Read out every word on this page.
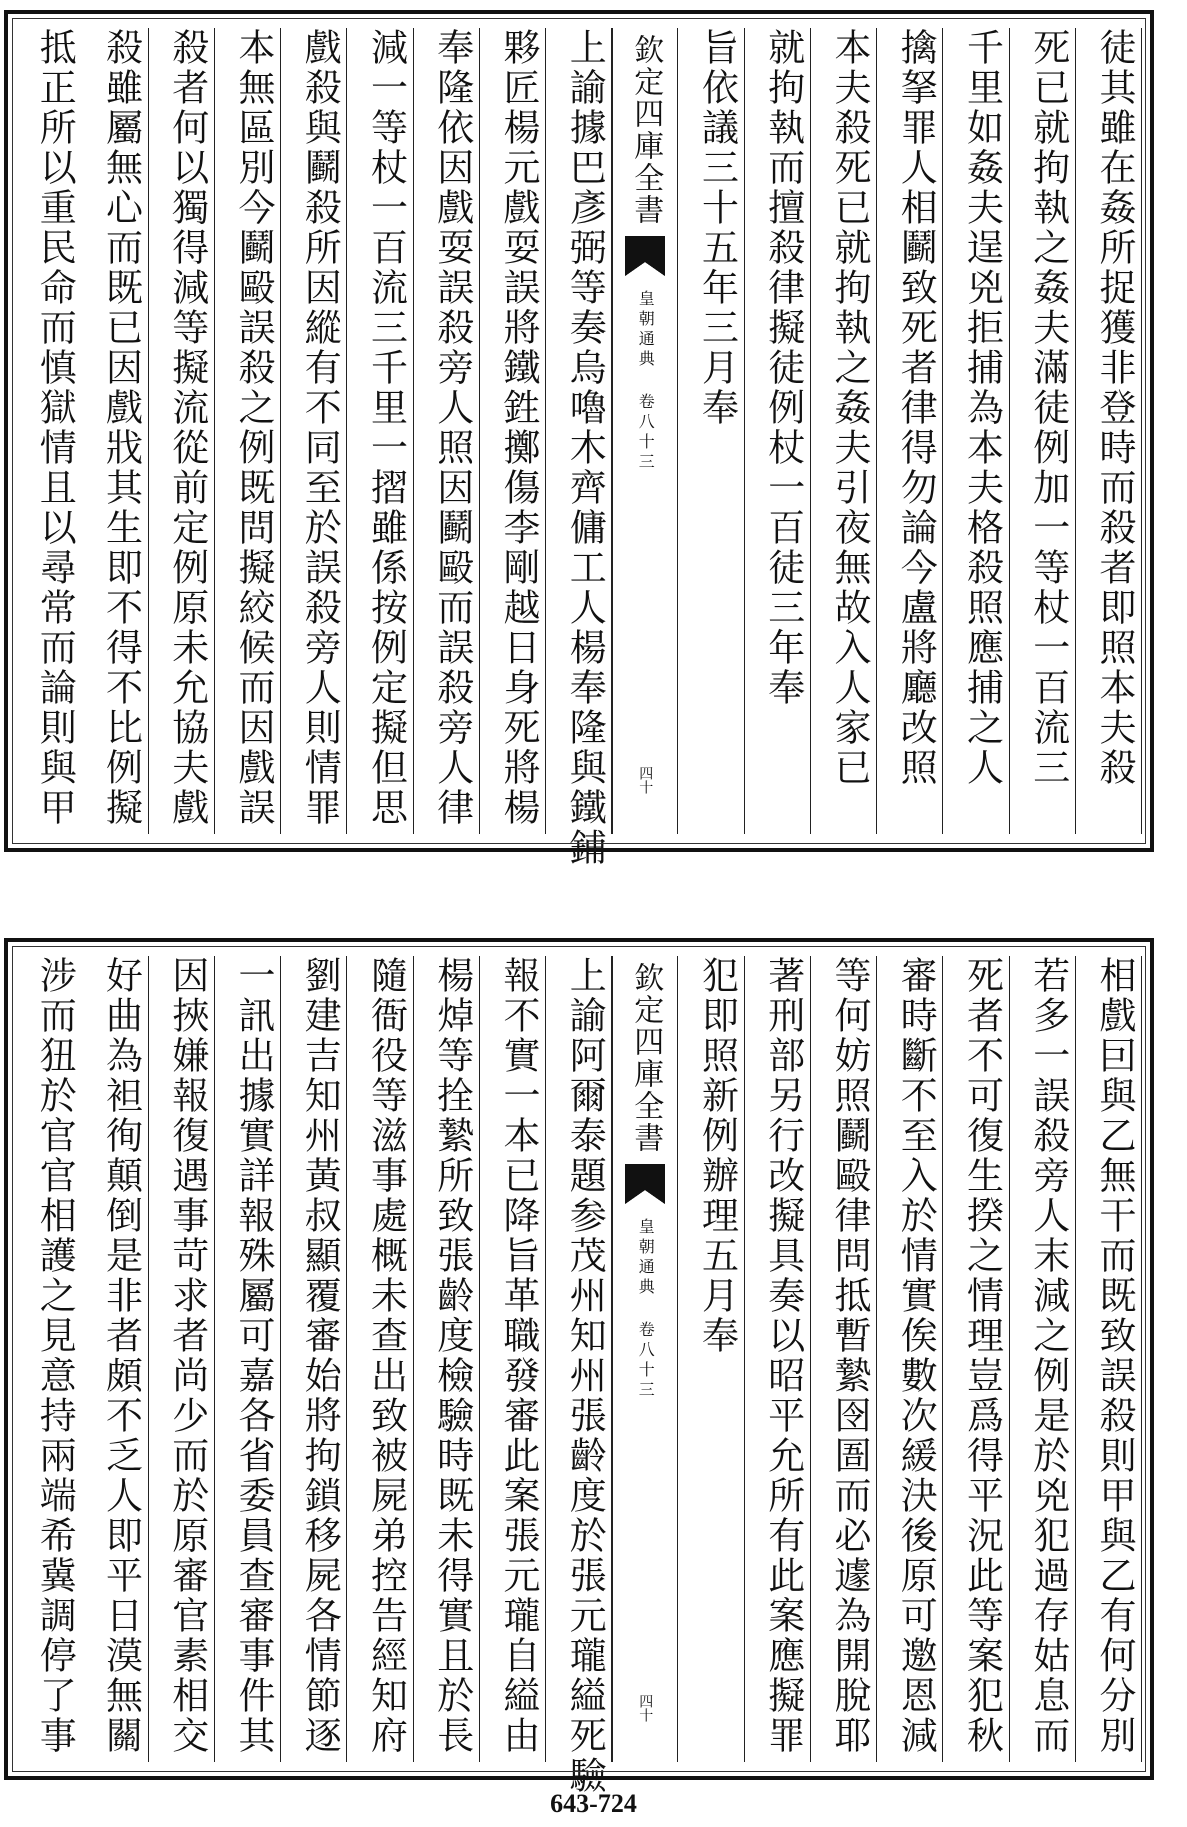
徒其雖在姦所捉獲非登時而殺者即照本夫殺
死已就拘執之姦夫滿徒例加一等杖一百流三
千里如姦夫逞兇拒捕為本夫格殺照應捕之人
擒拏罪人相鬬致死者律得勿論今盧將廳改照
本夫殺死已就拘執之姦夫引夜無故入人家已
就拘執而擅殺律擬徒例杖一百徒三年奉
旨依議三十五年三月奉
欽定四庫全書
皇朝通典 卷八十三
四十
上諭據巴彥弼等奏烏嚕木齊傭工人楊奉隆與鐵鋪
夥匠楊元戲耍誤將鐵鉎擲傷李剛越日身死將楊
奉隆依因戲耍誤殺旁人照因鬬毆而誤殺旁人律
減一等杖一百流三千里一摺雖係按例定擬但思
戲殺與鬬殺所因縱有不同至於誤殺旁人則情罪
本無區別今鬬毆誤殺之例既問擬絞候而因戲誤
殺者何以獨得減等擬流從前定例原未允協夫戲
殺雖屬無心而既已因戲戕其生即不得不比例擬
抵正所以重民命而慎獄情且以尋常而論則與甲
相戲囙與乙無干而既致誤殺則甲與乙有何分別
若多一誤殺旁人末減之例是於兇犯過存姑息而
死者不可復生揆之情理豈爲得平況此等案犯秋
審時斷不至入於情實俟數次緩決後原可邀恩減
等何妨照鬬毆律問抵暫縶囹圄而必遽為開脫耶
著刑部另行改擬具奏以昭平允所有此案應擬罪
犯即照新例辦理五月奉
欽定四庫全書
皇朝通典 卷八十三
四十
上諭阿爾泰題参茂州知州張齡度於張元瓏縊死驗
報不實一本已降旨革職發審此案張元瓏自縊由
楊焯等拴縶所致張齡度檢驗時既未得實且於長
隨衙役等滋事處概未查出致被屍弟控告經知府
劉建吉知州黃叔顯覆審始將拘鎖移屍各情節逐
一訊出據實詳報殊屬可嘉各省委員查審事件其
因挾嫌報復遇事苛求者尚少而於原審官素相交
好曲為袒徇顛倒是非者頗不乏人即平日漠無關
涉而狃於官官相護之見意持兩端希冀調停了事
643-724
